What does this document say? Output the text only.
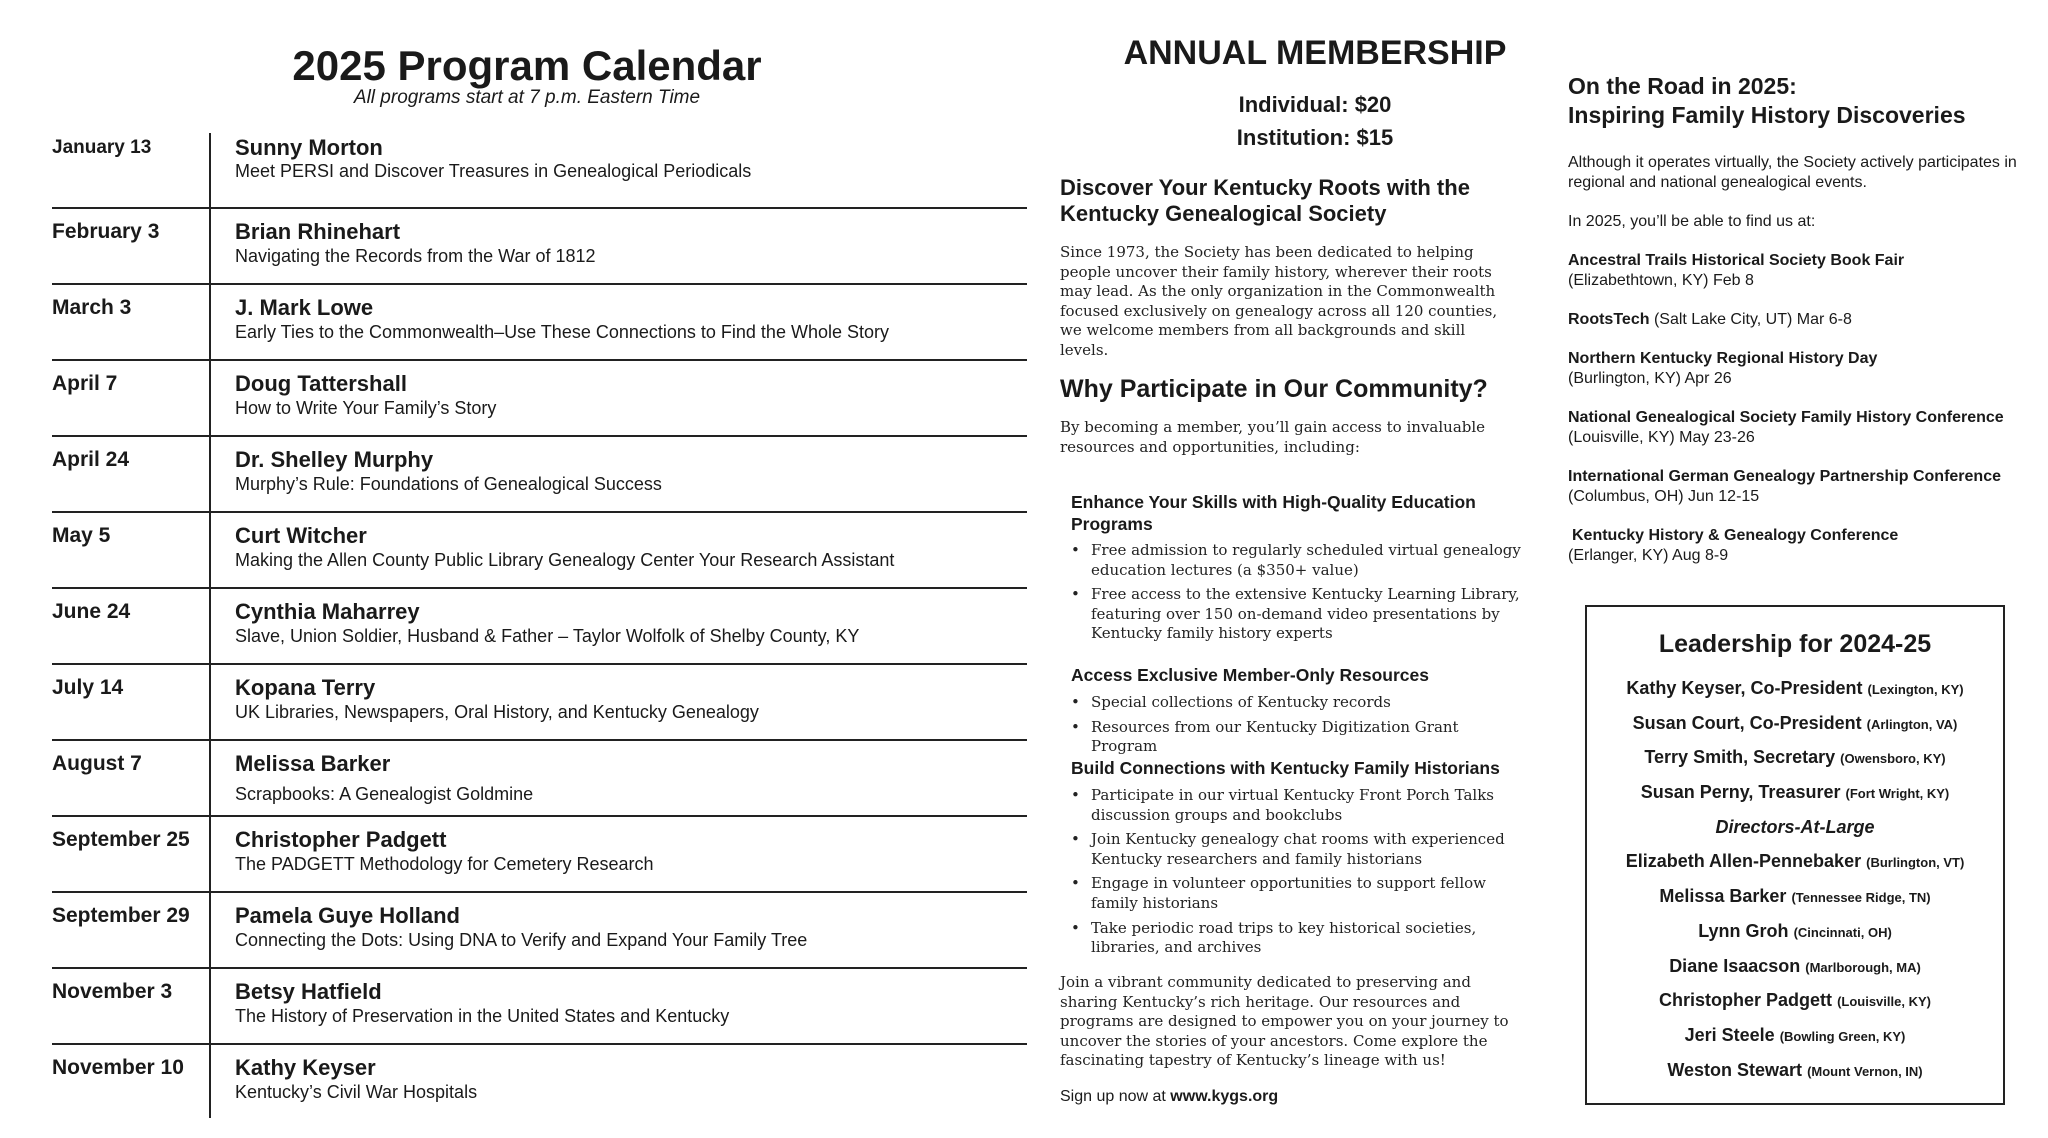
2025 Program Calendar
All programs start at 7 p.m. Eastern Time
January 13	Sunny Morton
Meet PERSI and Discover Treasures in Genealogical Periodicals
February 3	Brian Rhinehart
Navigating the Records from the War of 1812
March 3	J. Mark Lowe
Early Ties to the Commonwealth–Use These Connections to Find the Whole Story
April 7	Doug Tattershall
How to Write Your Family’s Story
April 24	Dr. Shelley Murphy
Murphy’s Rule: Foundations of Genealogical Success
May 5	Curt Witcher
Making the Allen County Public Library Genealogy Center Your Research Assistant
June 24	Cynthia Maharrey
Slave, Union Soldier, Husband & Father – Taylor Wolfolk of Shelby County, KY
July 14	Kopana Terry
UK Libraries, Newspapers, Oral History, and Kentucky Genealogy
August 7	Melissa Barker
Scrapbooks: A Genealogist Goldmine
September 25	Christopher Padgett
The PADGETT Methodology for Cemetery Research
September 29	Pamela Guye Holland
Connecting the Dots: Using DNA to Verify and Expand Your Family Tree
November 3	Betsy Hatfield
The History of Preservation in the United States and Kentucky
November 10	Kathy Keyser
Kentucky’s Civil War Hospitals
ANNUAL MEMBERSHIP
Individual: $20
Institution: $15
Discover Your Kentucky Roots with the Kentucky Genealogical Society

Since 1973, the Society has been dedicated to helping people uncover their family history, wherever their roots may lead. As the only organization in the Commonwealth focused exclusively on genealogy across all 120 counties, we welcome members from all backgrounds and skill levels.

Why Participate in Our Community?

By becoming a member, you’ll gain access to invaluable resources and opportunities, including:

Enhance Your Skills with High-Quality Education Programs
• Free admission to regularly scheduled virtual genealogy education lectures (a $350+ value)
• Free access to the extensive Kentucky Learning Library, featuring over 150 on-demand video presentations by Kentucky family history experts
Access Exclusive Member-Only Resources
• Special collections of Kentucky records
• Resources from our Kentucky Digitization Grant Program
Build Connections with Kentucky Family Historians
• Participate in our virtual Kentucky Front Porch Talks discussion groups and bookclubs
• Join Kentucky genealogy chat rooms with experienced Kentucky researchers and family historians
• Engage in volunteer opportunities to support fellow family historians
• Take periodic road trips to key historical societies, libraries, and archives

Join a vibrant community dedicated to preserving and sharing Kentucky’s rich heritage. Our resources and programs are designed to empower you on your journey to uncover the stories of your ancestors. Come explore the fascinating tapestry of Kentucky’s lineage with us!

Sign up now at www.kygs.org
On the Road in 2025:
Inspiring Family History Discoveries

Although it operates virtually, the Society actively participates in regional and national genealogical events.

In 2025, you’ll be able to find us at:

Ancestral Trails Historical Society Book Fair
(Elizabethtown, KY) Feb 8
RootsTech (Salt Lake City, UT) Mar 6-8
Northern Kentucky Regional History Day
(Burlington, KY) Apr 26
National Genealogical Society Family History Conference
(Louisville, KY) May 23-26
International German Genealogy Partnership Conference
(Columbus, OH) Jun 12-15
Kentucky History & Genealogy Conference
(Erlanger, KY) Aug 8-9
Leadership for 2024-25
Kathy Keyser, Co-President (Lexington, KY)
Susan Court, Co-President (Arlington, VA)
Terry Smith, Secretary (Owensboro, KY)
Susan Perny, Treasurer (Fort Wright, KY)
Directors-At-Large
Elizabeth Allen-Pennebaker (Burlington, VT)
Melissa Barker (Tennessee Ridge, TN)
Lynn Groh (Cincinnati, OH)
Diane Isaacson (Marlborough, MA)
Christopher Padgett (Louisville, KY)
Jeri Steele (Bowling Green, KY)
Weston Stewart (Mount Vernon, IN)
